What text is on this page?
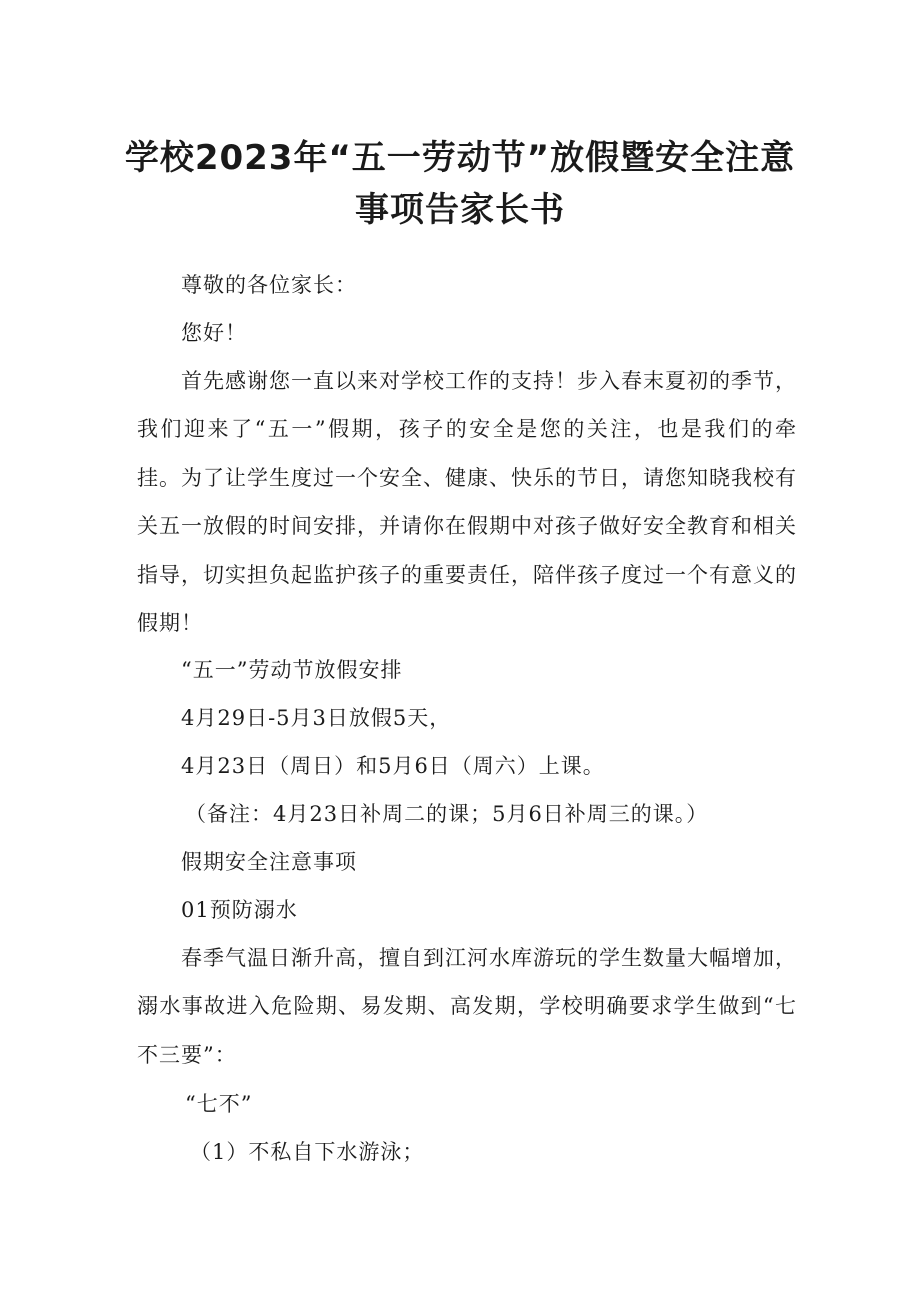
学校2023年“五一劳动节”放假暨安全注意
事项告家长书

尊敬的各位家长：

您好！

首先感谢您一直以来对学校工作的支持！步入春末夏初的季节，我们迎来了“五一”假期，孩子的安全是您的关注，也是我们的牵挂。为了让学生度过一个安全、健康、快乐的节日，请您知晓我校有关五一放假的时间安排，并请你在假期中对孩子做好安全教育和相关指导，切实担负起监护孩子的重要责任，陪伴孩子度过一个有意义的假期！

“五一”劳动节放假安排

4月29日-5月3日放假5天，

4月23日（周日）和5月6日（周六）上课。

（备注：4月23日补周二的课；5月6日补周三的课。）

假期安全注意事项

01预防溺水

春季气温日渐升高，擅自到江河水库游玩的学生数量大幅增加，溺水事故进入危险期、易发期、高发期，学校明确要求学生做到“七不三要”：

“七不”

（1）不私自下水游泳；
